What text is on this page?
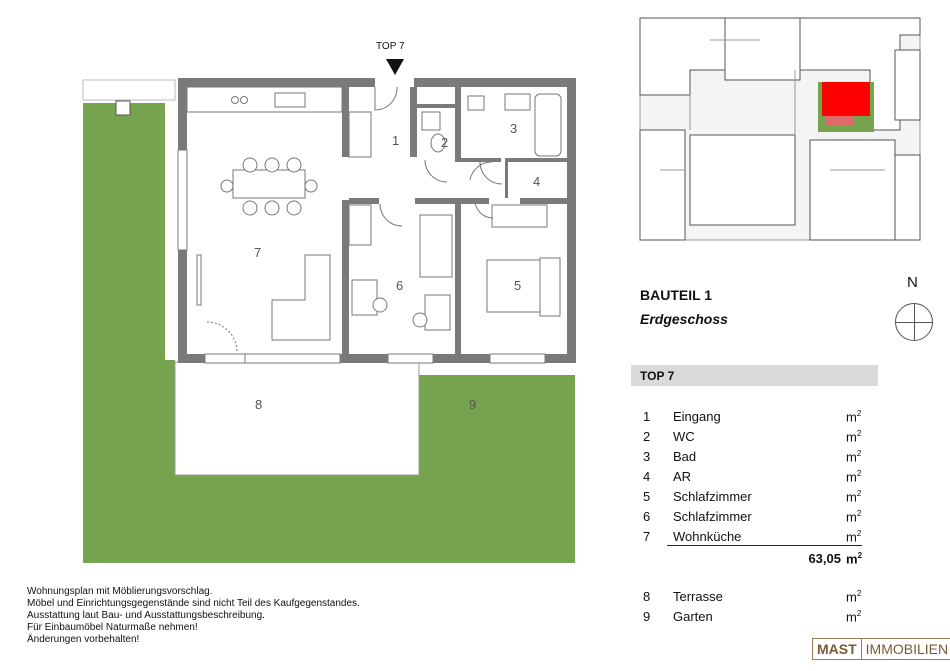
1	2
3
4
5
6
7
8	9
TOP 7
BAUTEIL 1
Erdgeschoss
N
TOP 7
1 Eingang	$m^2$
2 WC	$m^2$
3 Bad	$m^2$
4 AR	$m^2$
5 Schlafzimmer	$m^2$
6 Schlafzimmer	$m^2$
7 Wohnküche	$m^2$
8 Terrasse	$m^2$
9 Garten	$m^2$
63,05 $m^2$
Wohnungsplan mit Möblierungsvorschlag.
Möbel und Einrichtungsgegenstände sind nicht Teil des Kaufgegenstandes.
Ausstattung laut Bau- und Ausstattungsbeschreibung.
Für Einbaumöbel Naturmaße nehmen!
Änderungen vorbehalten!
MAST IMMOBILIEN
